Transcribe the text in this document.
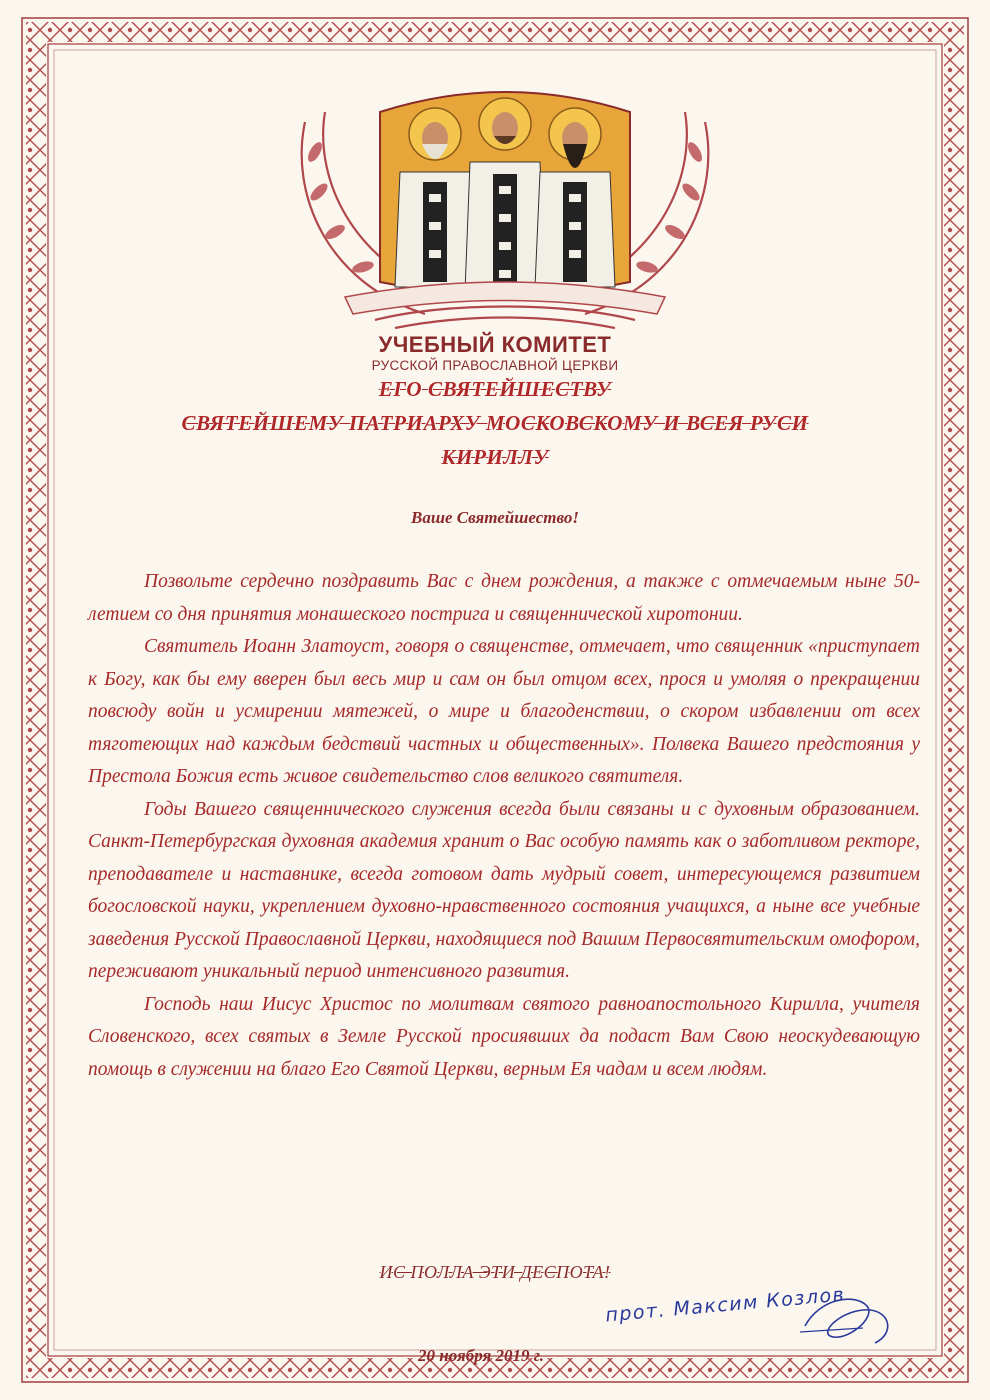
УЧЕБНЫЙ КОМИТЕТ
РУССКОЙ ПРАВОСЛАВНОЙ ЦЕРКВИ
ЕГО СВЯТЕЙШЕСТВУ
СВЯТЕЙШЕМУ ПАТРИАРХУ МОСКОВСКОМУ И ВСЕЯ РУСИ
КИРИЛЛУ
Ваше Святейшество!

Позвольте сердечно поздравить Вас с днем рождения, а также с отмечаемым ныне 50-летием со дня принятия монашеского пострига и священнической хиротонии.

Святитель Иоанн Златоуст, говоря о священстве, отмечает, что священник «приступает к Богу, как бы ему вверен был весь мир и сам он был отцом всех, прося и умоляя о прекращении повсюду войн и усмирении мятежей, о мире и благоденствии, о скором избавлении от всех тяготеющих над каждым бедствий частных и общественных». Полвека Вашего предстояния у Престола Божия есть живое свидетельство слов великого святителя.

Годы Вашего священнического служения всегда были связаны и с духовным образованием. Санкт-Петербургская духовная академия хранит о Вас особую память как о заботливом ректоре, преподавателе и наставнике, всегда готовом дать мудрый совет, интересующемся развитием богословской науки, укреплением духовно-нравственного состояния учащихся, а ныне все учебные заведения Русской Православной Церкви, находящиеся под Вашим Первосвятительским омофором, переживают уникальный период интенсивного развития.

Господь наш Иисус Христос по молитвам святого равноапостольного Кирилла, учителя Словенского, всех святых в Земле Русской просиявших да подаст Вам Свою неоскудевающую помощь в служении на благо Его Святой Церкви, верным Ея чадам и всем людям.

ИС ПОЛЛА ЭТИ ДЕСПОТА!
прот. Максим Козлов
20 ноября 2019 г.
